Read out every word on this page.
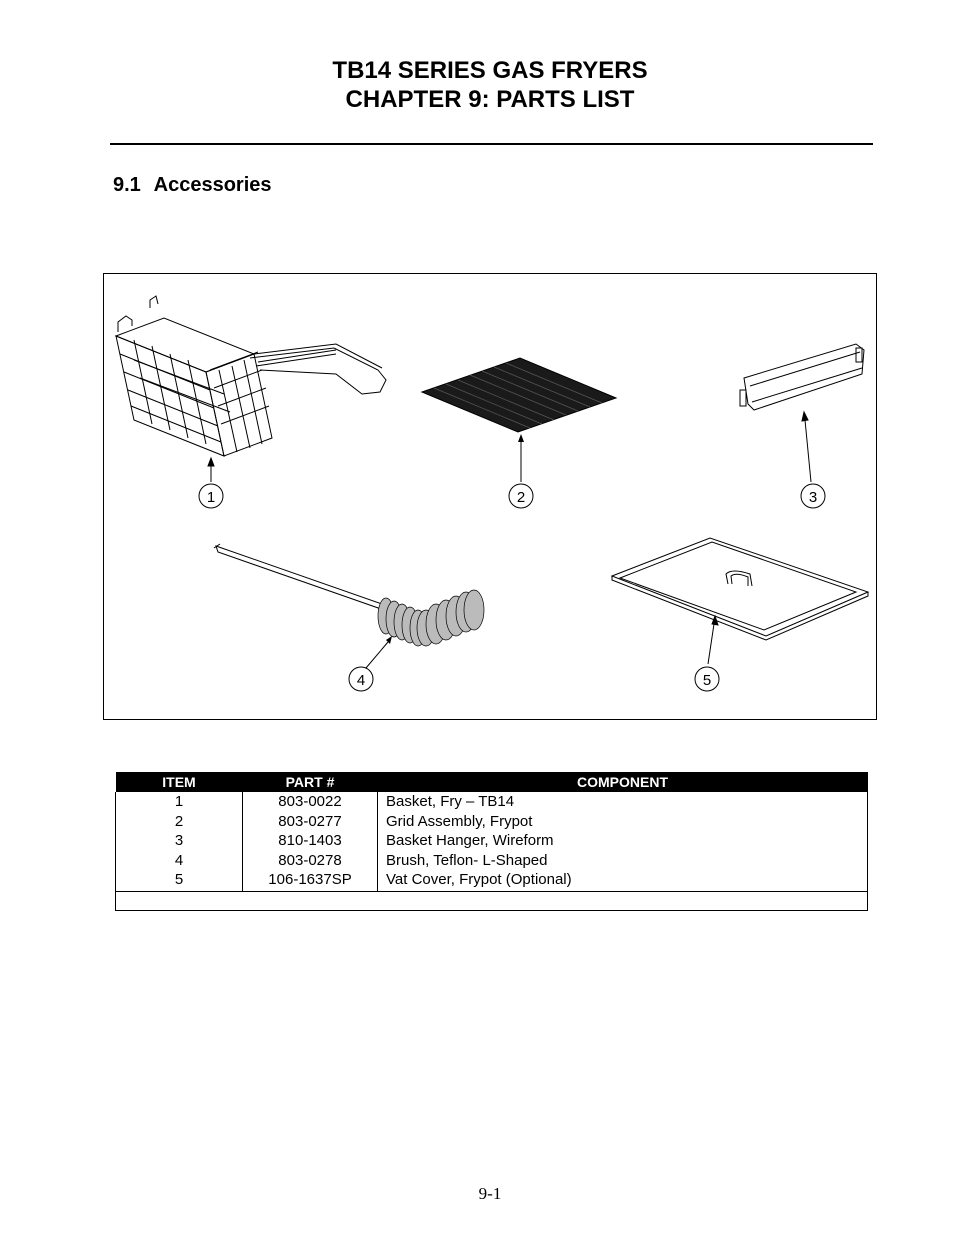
TB14 SERIES GAS FRYERS
CHAPTER 9: PARTS LIST
9.1 Accessories
1	2	3
4	5
ITEM	PART #	COMPONENT
1	803-0022	Basket, Fry – TB14
2	803-0277	Grid Assembly, Frypot
3	810-1403	Basket Hanger, Wireform
4	803-0278	Brush, Teflon- L-Shaped
5	106-1637SP	Vat Cover, Frypot (Optional)

9-1
